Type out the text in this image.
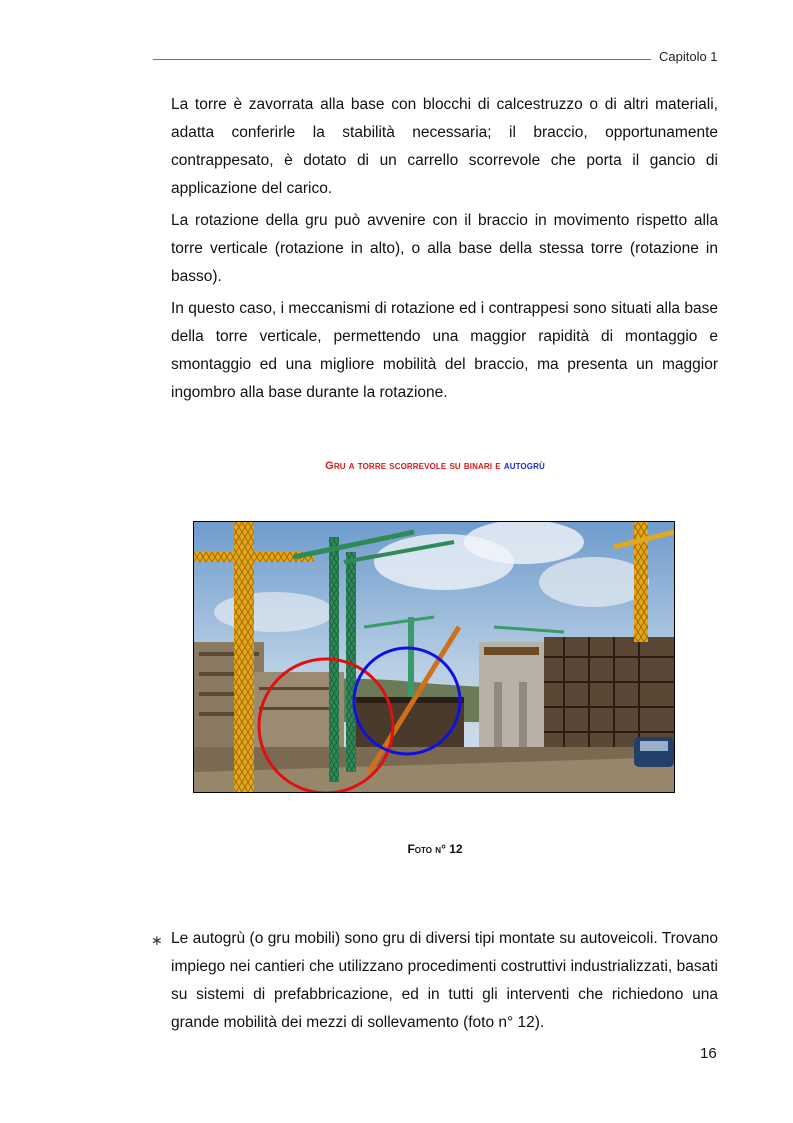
Capitolo 1

La torre è zavorrata alla base con blocchi di calcestruzzo o di altri materiali, adatta conferirle la stabilità necessaria; il braccio, opportunamente contrappesato, è dotato di un carrello scorrevole che porta il gancio di applicazione del carico.

La rotazione della gru può avvenire con il braccio in movimento rispetto alla torre verticale (rotazione in alto), o alla base della stessa torre (rotazione in basso).

In questo caso, i meccanismi di rotazione ed i contrappesi sono situati alla base della torre verticale, permettendo una maggior rapidità di montaggio e smontaggio ed una migliore mobilità del braccio, ma presenta un maggior ingombro alla base durante la rotazione.

Gru a torre scorrevole su binari e autogrù
Foto n° 12
∗ Le autogrù (o gru mobili) sono gru di diversi tipi montate su autoveicoli. Trovano impiego nei cantieri che utilizzano procedimenti costruttivi industrializzati, basati su sistemi di prefabbricazione, ed in tutti gli interventi che richiedono una grande mobilità dei mezzi di sollevamento (foto n° 12).

16
